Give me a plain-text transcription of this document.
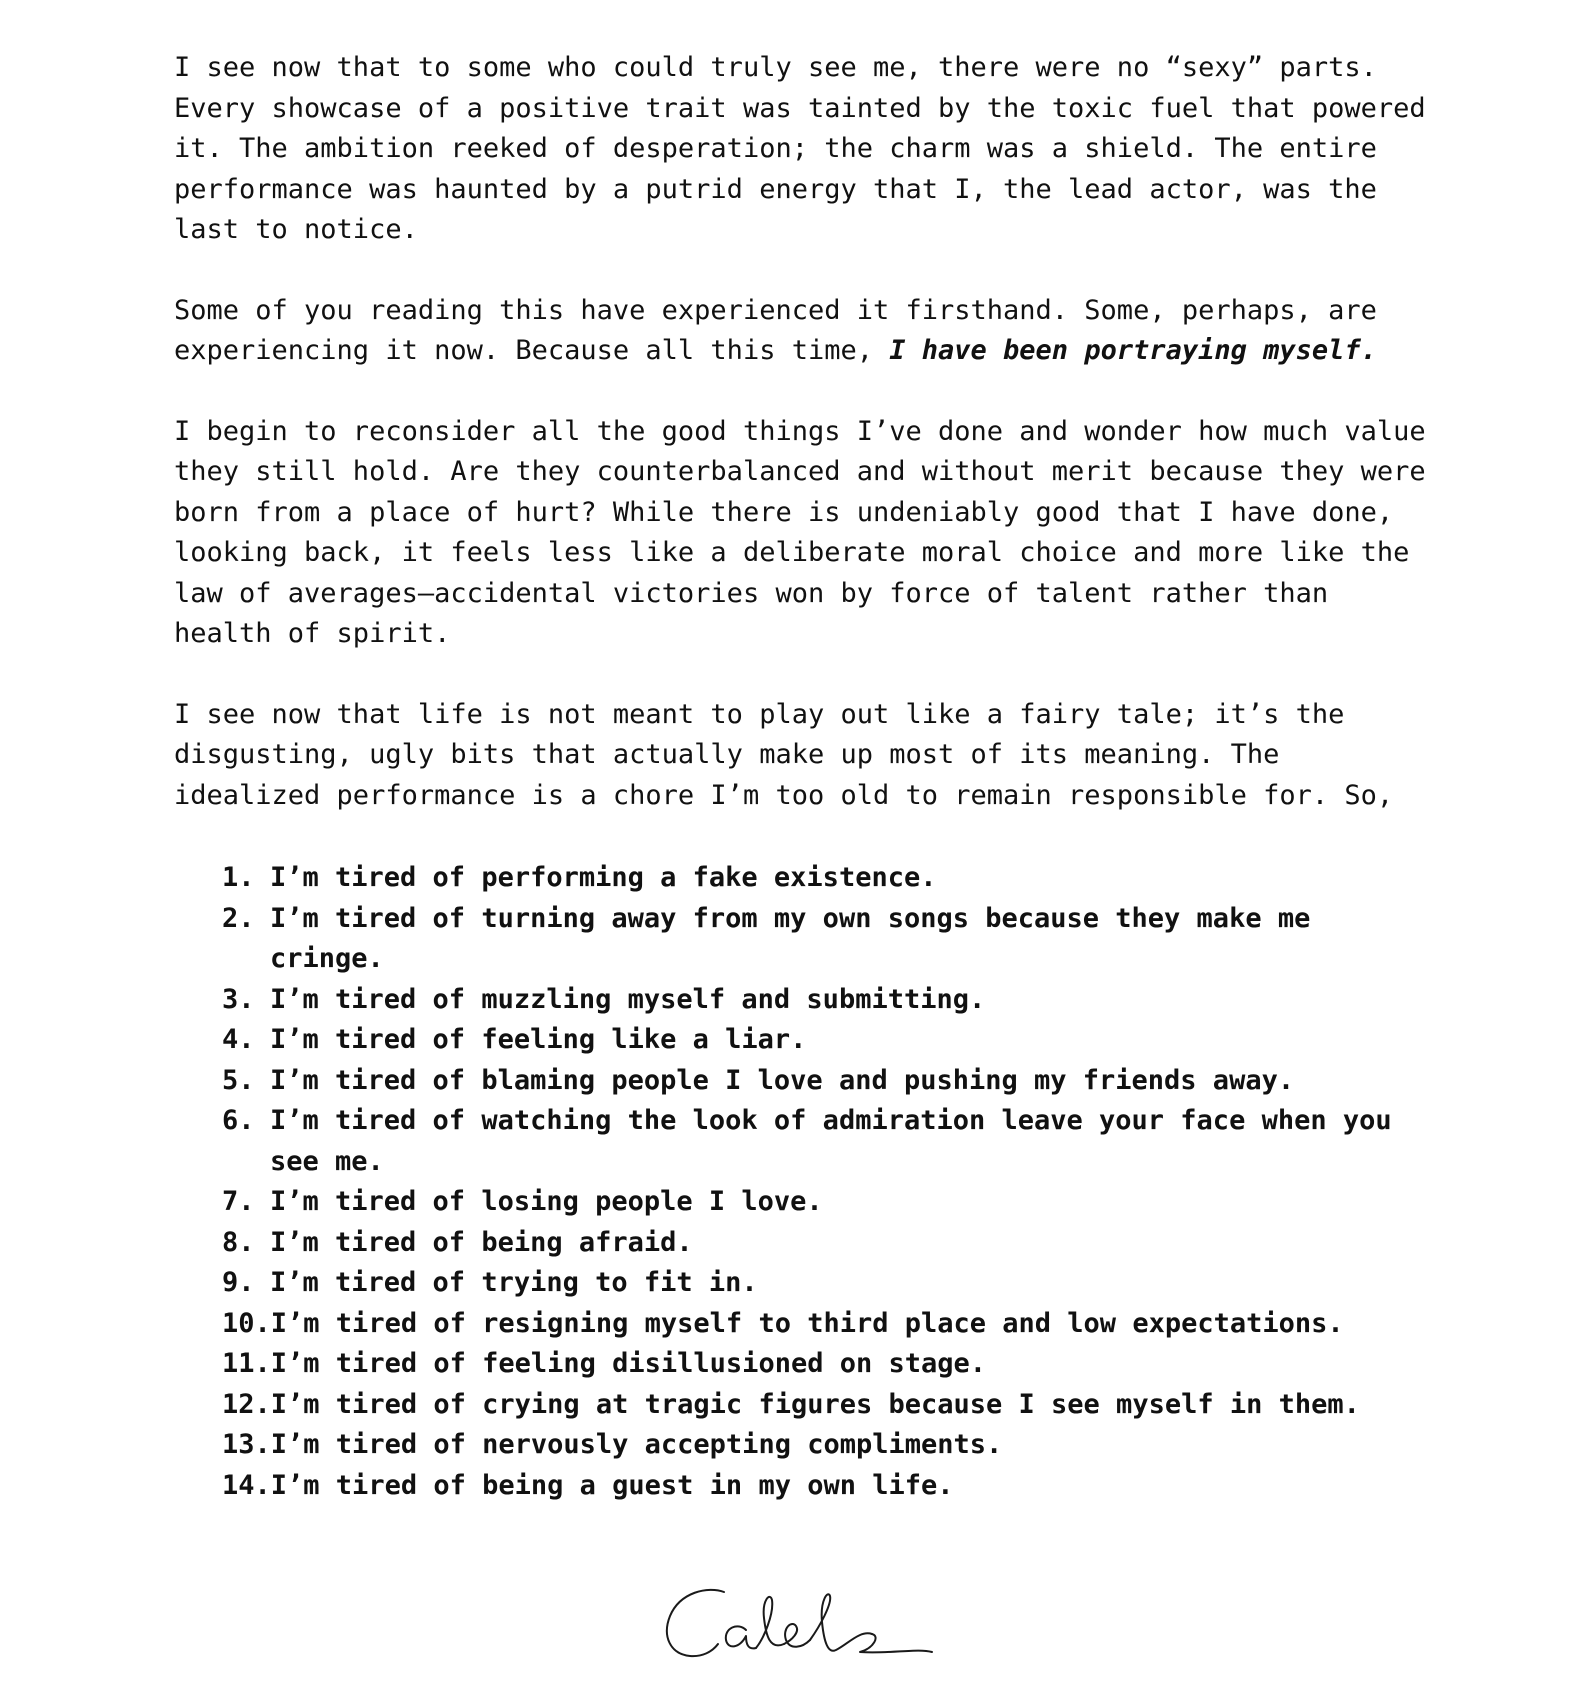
I see now that to some who could truly see me, there were no “sexy” parts. Every showcase of a positive trait was tainted by the toxic fuel that powered it. The ambition reeked of desperation; the charm was a shield. The entire performance was haunted by a putrid energy that I, the lead actor, was the last to notice.

Some of you reading this have experienced it firsthand. Some, perhaps, are experiencing it now. Because all this time, I have been portraying myself.

I begin to reconsider all the good things I’ve done and wonder how much value they still hold. Are they counterbalanced and without merit because they were born from a place of hurt? While there is undeniably good that I have done, looking back, it feels less like a deliberate moral choice and more like the law of averages—accidental victories won by force of talent rather than health of spirit.

I see now that life is not meant to play out like a fairy tale; it’s the disgusting, ugly bits that actually make up most of its meaning. The idealized performance is a chore I’m too old to remain responsible for. So,

1. I’m tired of performing a fake existence.
2. I’m tired of turning away from my own songs because they make me cringe.
3. I’m tired of muzzling myself and submitting.
4. I’m tired of feeling like a liar.
5. I’m tired of blaming people I love and pushing my friends away.
6. I’m tired of watching the look of admiration leave your face when you see me.
7. I’m tired of losing people I love.
8. I’m tired of being afraid.
9. I’m tired of trying to fit in.
10. I’m tired of resigning myself to third place and low expectations.
11. I’m tired of feeling disillusioned on stage.
12. I’m tired of crying at tragic figures because I see myself in them.
13. I’m tired of nervously accepting compliments.
14. I’m tired of being a guest in my own life.
